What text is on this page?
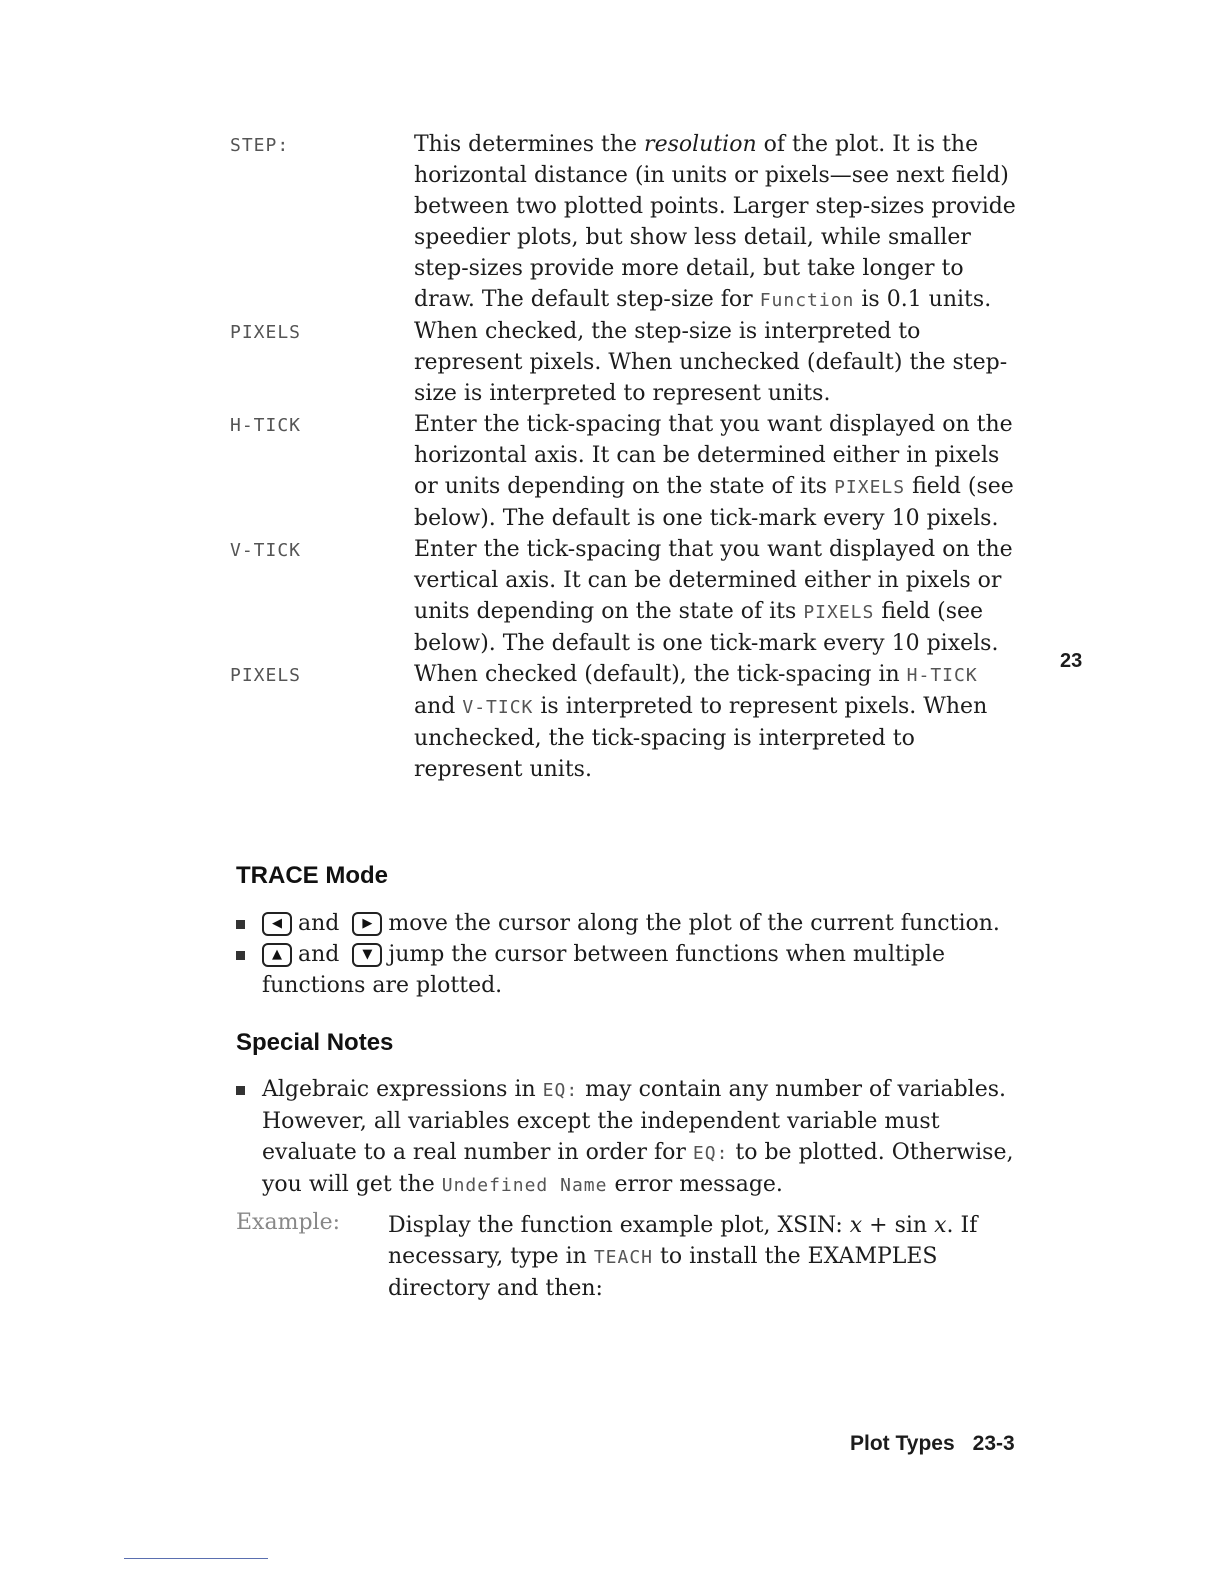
STEP:	This determines the resolution of the plot. It is the horizontal distance (in units or pixels—see next field) between two plotted points. Larger step-sizes provide speedier plots, but show less detail, while smaller step-sizes provide more detail, but take longer to draw. The default step-size for Function is 0.1 units.
PIXELS	When checked, the step-size is interpreted to represent pixels. When unchecked (default) the step-size is interpreted to represent units.
H-TICK	Enter the tick-spacing that you want displayed on the horizontal axis. It can be determined either in pixels or units depending on the state of its PIXELS field (see below). The default is one tick-mark every 10 pixels.
V-TICK	Enter the tick-spacing that you want displayed on the vertical axis. It can be determined either in pixels or units depending on the state of its PIXELS field (see below). The default is one tick-mark every 10 pixels.
PIXELS	When checked (default), the tick-spacing in H-TICK and V-TICK is interpreted to represent pixels. When unchecked, the tick-spacing is interpreted to represent units.
TRACE Mode
◀ and ▶ move the cursor along the plot of the current function.
▲ and ▼ jump the cursor between functions when multiple functions are plotted.
Special Notes
Algebraic expressions in EQ: may contain any number of variables. However, all variables except the independent variable must evaluate to a real number in order for EQ: to be plotted. Otherwise, you will get the Undefined Name error message.
Example:	Display the function example plot, XSIN: x + sin x. If necessary, type in TEACH to install the EXAMPLES directory and then:
23
Plot Types 23-3
